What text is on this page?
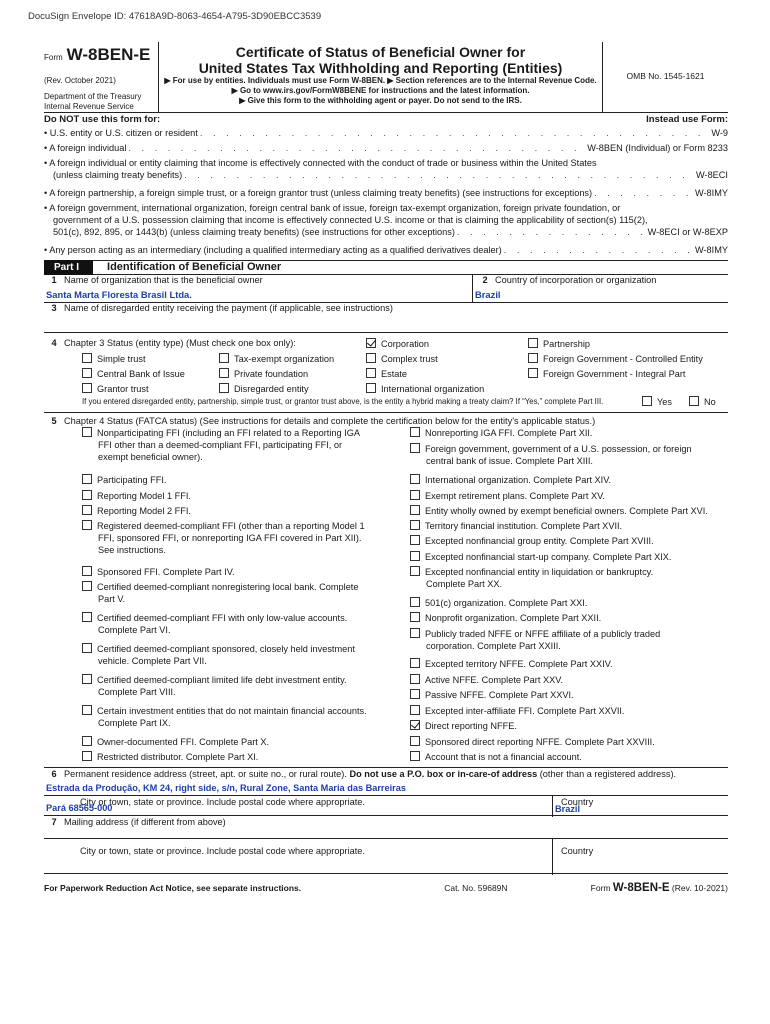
DocuSign Envelope ID: 47618A9D-8063-4654-A795-3D90EBCC3539
Form W-8BEN-E
(Rev. October 2021)
Department of the Treasury
Internal Revenue Service
Certificate of Status of Beneficial Owner for
United States Tax Withholding and Reporting (Entities)
▶ For use by entities. Individuals must use Form W-8BEN. ▶ Section references are to the Internal Revenue Code.
▶ Go to www.irs.gov/FormW8BENE for instructions and the latest information.
▶ Give this form to the withholding agent or payer. Do not send to the IRS.
OMB No. 1545-1621
Do NOT use this form for:	Instead use Form:
• U.S. entity or U.S. citizen or resident . . .	W-9
• A foreign individual . . .	W-8BEN (Individual) or Form 8233
• A foreign individual or entity claiming that income is effectively connected with the conduct of trade or business within the United States
(unless claiming treaty benefits) . . .	W-8ECI
• A foreign partnership, a foreign simple trust, or a foreign grantor trust (unless claiming treaty benefits) (see instructions for exceptions) . . .	W-8IMY
• A foreign government, international organization, foreign central bank of issue, foreign tax-exempt organization, foreign private foundation, or
government of a U.S. possession claiming that income is effectively connected U.S. income or that is claiming the applicability of section(s) 115(2),
501(c), 892, 895, or 1443(b) (unless claiming treaty benefits) (see instructions for other exceptions) . . .	W-8ECI or W-8EXP
• Any person acting as an intermediary (including a qualified intermediary acting as a qualified derivatives dealer) . . .	W-8IMY
Part I	Identification of Beneficial Owner
1 Name of organization that is the beneficial owner
Santa Marta Floresta Brasil Ltda.
2 Country of incorporation or organization
Brazil
3 Name of disregarded entity receiving the payment (if applicable, see instructions)
4 Chapter 3 Status (entity type) (Must check one box only):	Corporation	Partnership
Simple trust	Tax-exempt organization	Complex trust	Foreign Government - Controlled Entity
Central Bank of Issue	Private foundation	Estate	Foreign Government - Integral Part
Grantor trust	Disregarded entity	International organization
If you entered disregarded entity, partnership, simple trust, or grantor trust above, is the entity a hybrid making a treaty claim? If “Yes,” complete Part III.	Yes	No
5 Chapter 4 Status (FATCA status) (See instructions for details and complete the certification below for the entity's applicable status.)
Nonparticipating FFI (including an FFI related to a Reporting IGA
FFI other than a deemed-compliant FFI, participating FFI, or
exempt beneficial owner).
Participating FFI.
Reporting Model 1 FFI.
Reporting Model 2 FFI.
Registered deemed-compliant FFI (other than a reporting Model 1
FFI, sponsored FFI, or nonreporting IGA FFI covered in Part XII).
See instructions.
Sponsored FFI. Complete Part IV.
Certified deemed-compliant nonregistering local bank. Complete
Part V.
Certified deemed-compliant FFI with only low-value accounts.
Complete Part VI.
Certified deemed-compliant sponsored, closely held investment
vehicle. Complete Part VII.
Certified deemed-compliant limited life debt investment entity.
Complete Part VIII.
Certain investment entities that do not maintain financial accounts.
Complete Part IX.
Owner-documented FFI. Complete Part X.
Restricted distributor. Complete Part XI.
Nonreporting IGA FFI. Complete Part XII.
Foreign government, government of a U.S. possession, or foreign
central bank of issue. Complete Part XIII.
International organization. Complete Part XIV.
Exempt retirement plans. Complete Part XV.
Entity wholly owned by exempt beneficial owners. Complete Part XVI.
Territory financial institution. Complete Part XVII.
Excepted nonfinancial group entity. Complete Part XVIII.
Excepted nonfinancial start-up company. Complete Part XIX.
Excepted nonfinancial entity in liquidation or bankruptcy.
Complete Part XX.
501(c) organization. Complete Part XXI.
Nonprofit organization. Complete Part XXII.
Publicly traded NFFE or NFFE affiliate of a publicly traded
corporation. Complete Part XXIII.
Excepted territory NFFE. Complete Part XXIV.
Active NFFE. Complete Part XXV.
Passive NFFE. Complete Part XXVI.
Excepted inter-affiliate FFI. Complete Part XXVII.
Direct reporting NFFE.
Sponsored direct reporting NFFE. Complete Part XXVIII.
Account that is not a financial account.
6 Permanent residence address (street, apt. or suite no., or rural route). Do not use a P.O. box or in-care-of address (other than a registered address).
Estrada da Produção, KM 24, right side, s/n, Rural Zone, Santa Maria das Barreiras
City or town, state or province. Include postal code where appropriate.
Pará 68565-000
Country
Brazil
7 Mailing address (if different from above)
City or town, state or province. Include postal code where appropriate.	Country
For Paperwork Reduction Act Notice, see separate instructions.	Cat. No. 59689N	Form W-8BEN-E (Rev. 10-2021)
